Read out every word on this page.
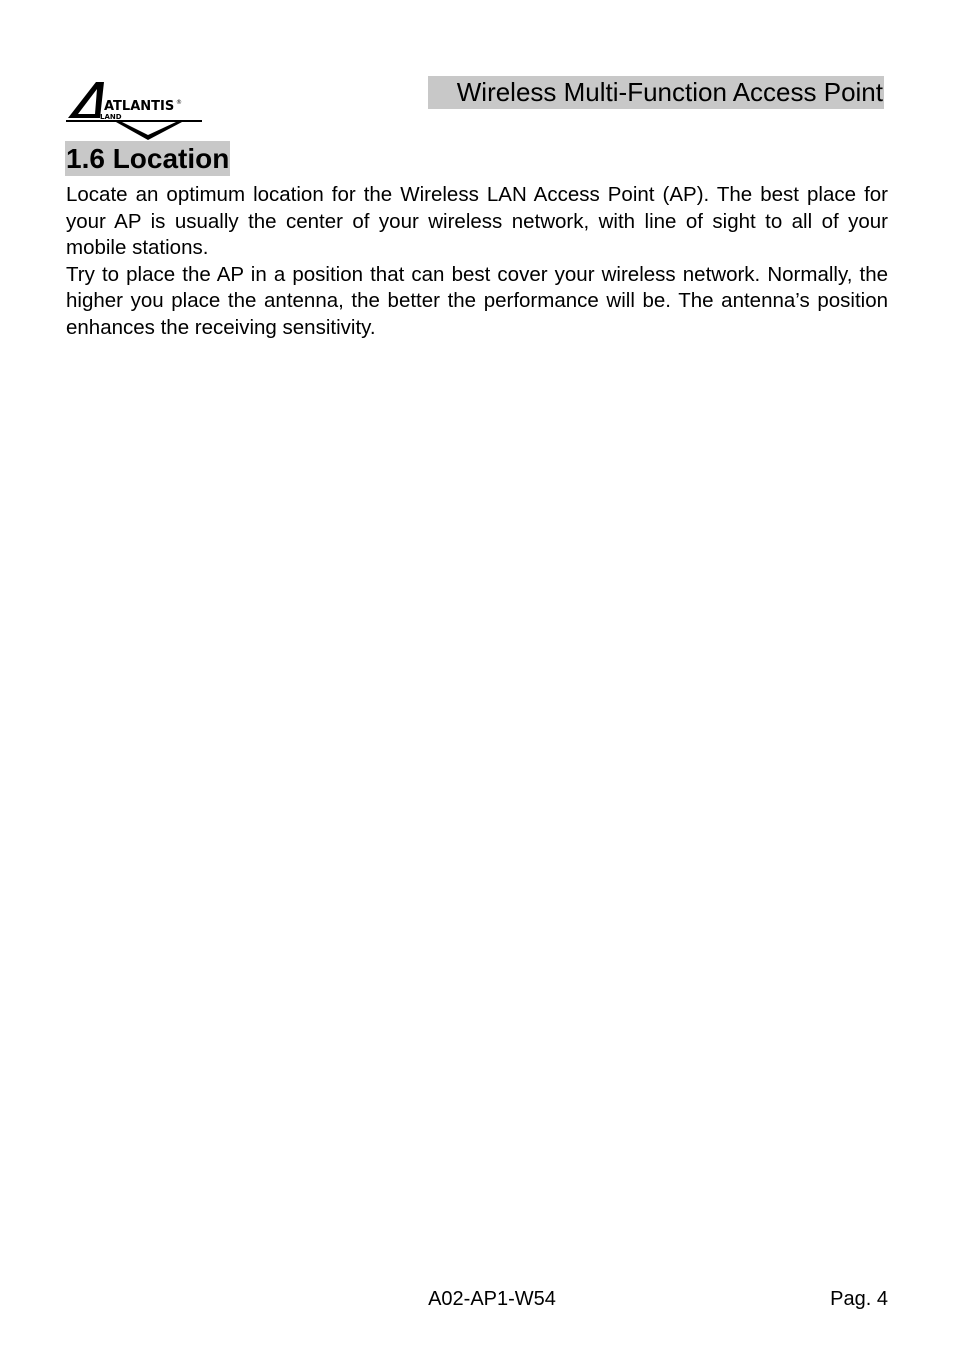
ATLANTIS ®
LAND
Wireless Multi-Function Access Point
1.6 Location

Locate an optimum location for the Wireless LAN Access Point (AP). The best place for your AP is usually the center of your wireless network, with line of sight to all of your mobile stations.

Try to place the AP in a position that can best cover your wireless network. Normally, the higher you place the antenna, the better the performance will be. The antenna’s position enhances the receiving sensitivity.

A02-AP1-W54	Pag. 4
